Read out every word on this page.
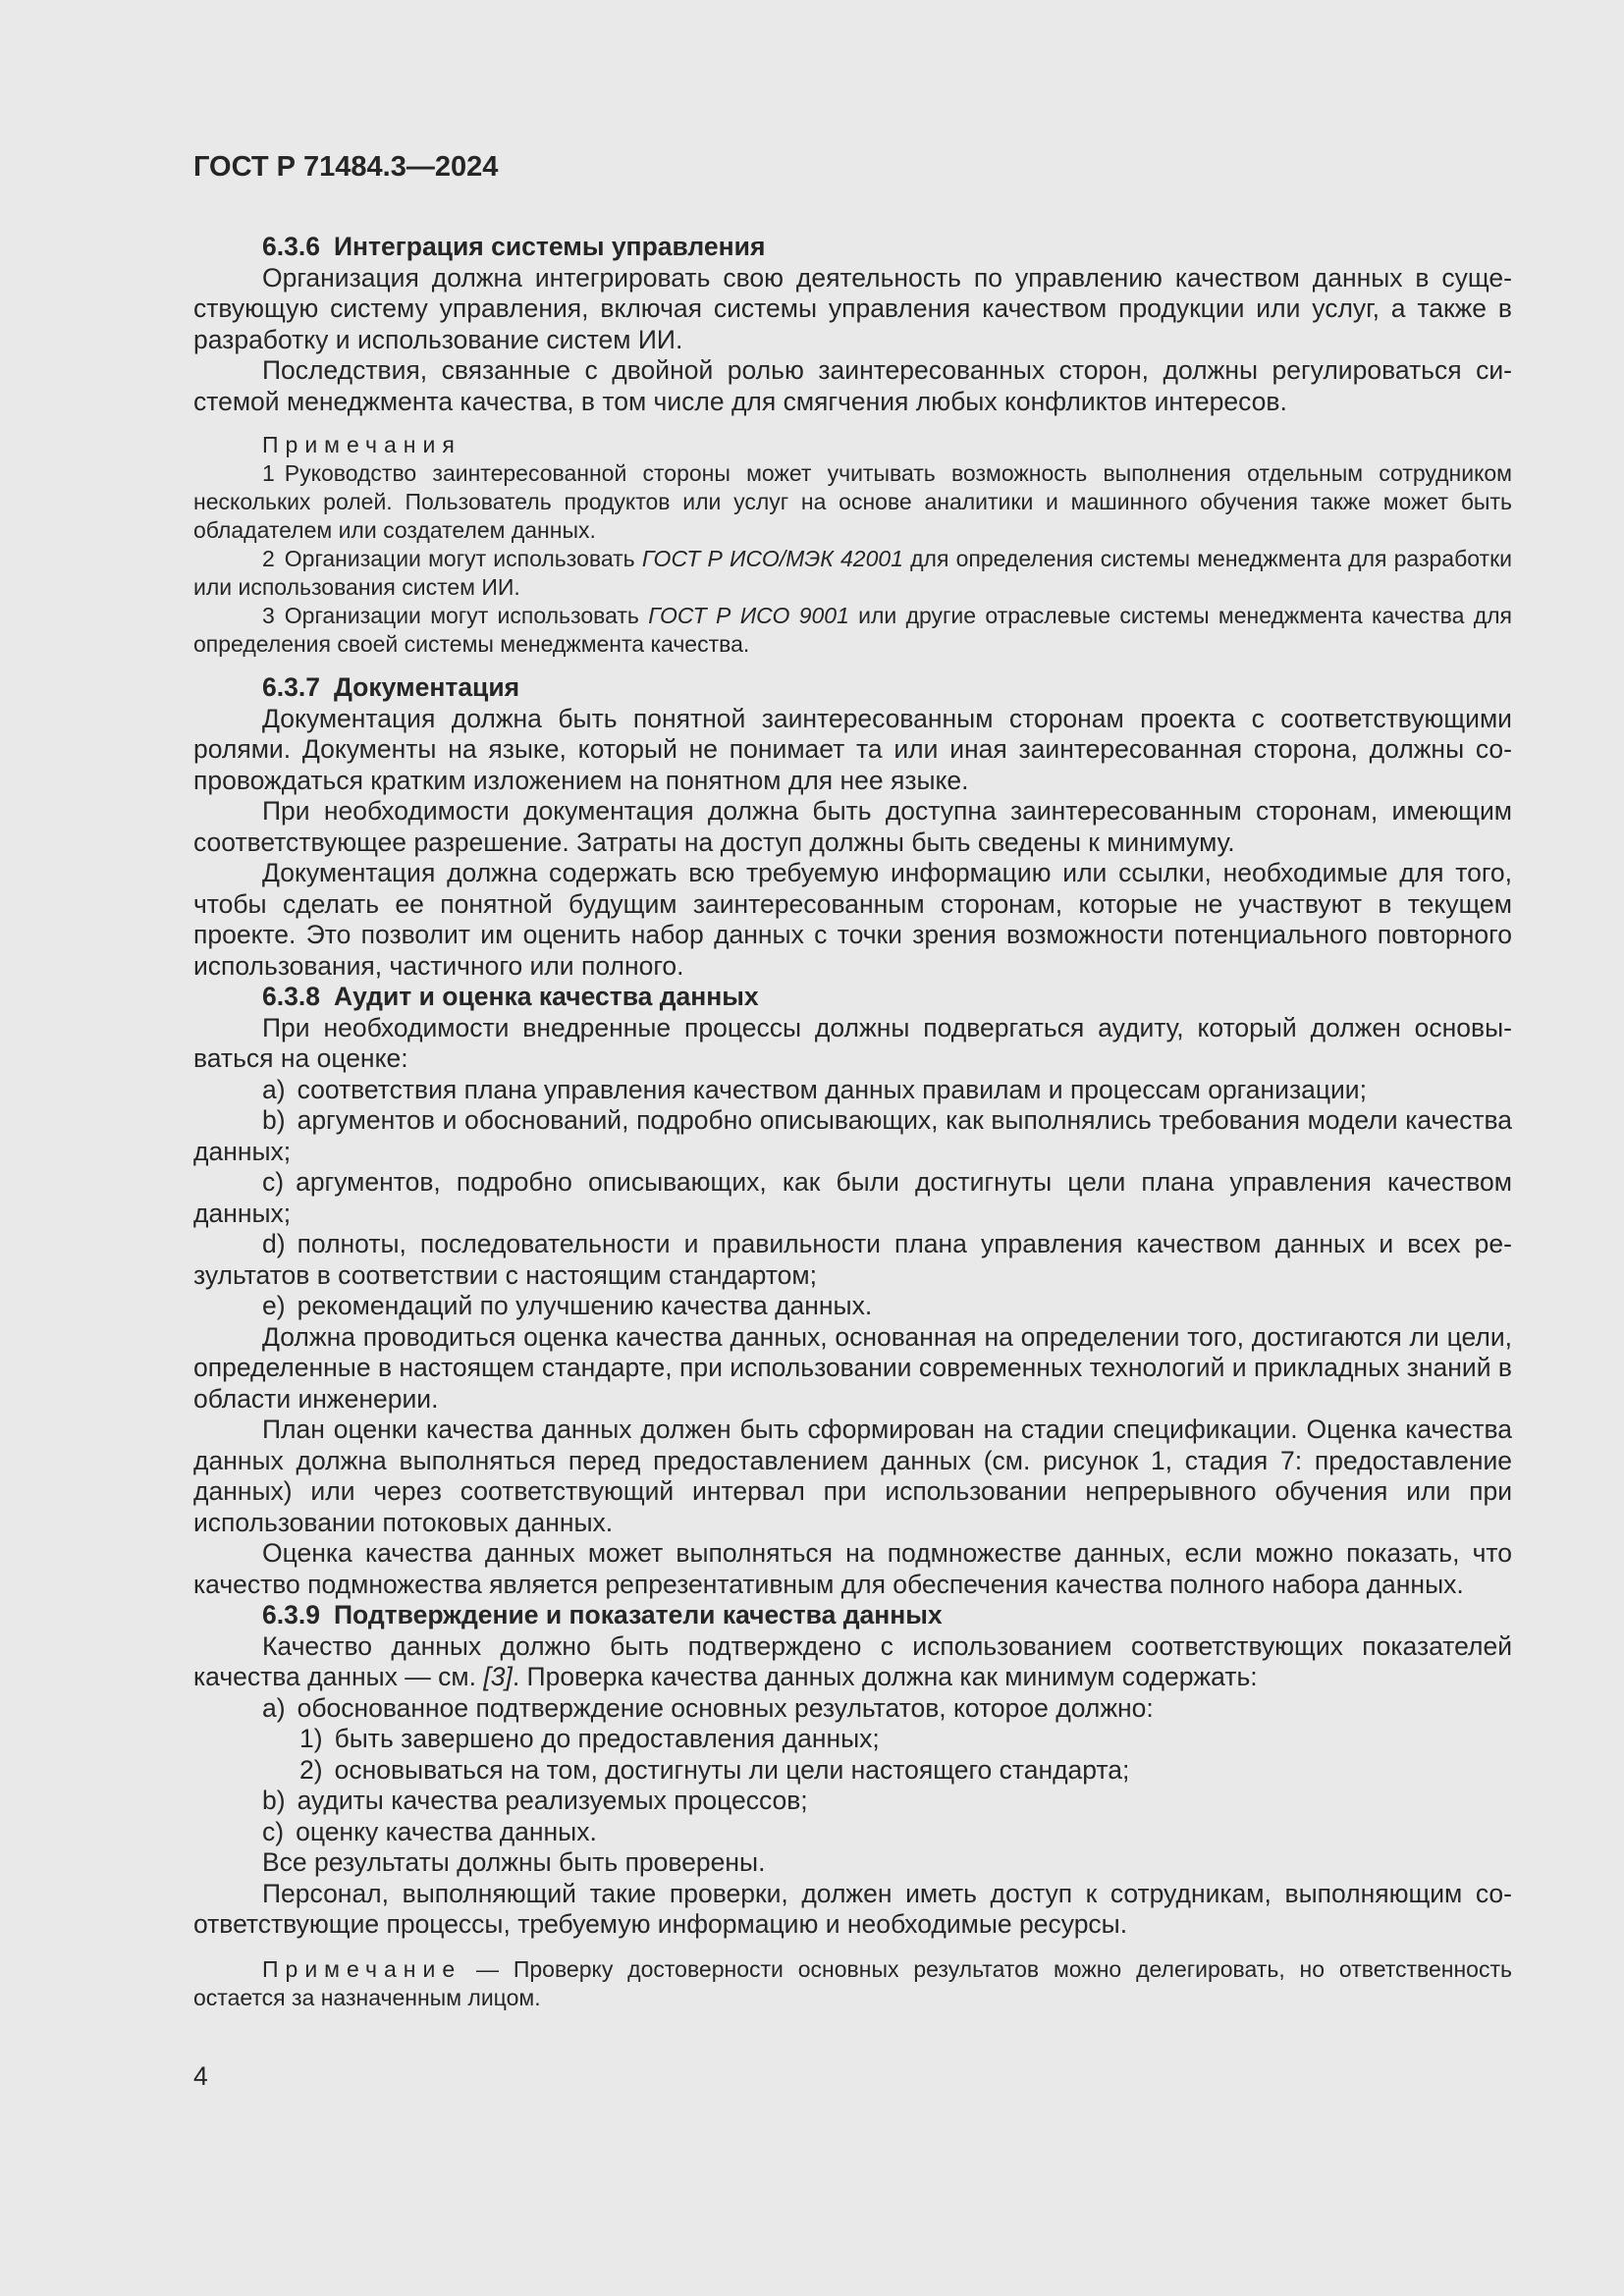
ГОСТ Р 71484.3—2024
6.3.6 Интеграция системы управления

Организация должна интегрировать свою деятельность по управлению качеством данных в существующую систему управления, включая системы управления качеством продукции или услуг, а также в разработку и использование систем ИИ.

Последствия, связанные с двойной ролью заинтересованных сторон, должны регулироваться системой менеджмента качества, в том числе для смягчения любых конфликтов интересов.

Примечания

1 Руководство заинтересованной стороны может учитывать возможность выполнения отдельным сотрудником нескольких ролей. Пользователь продуктов или услуг на основе аналитики и машинного обучения также может быть обладателем или создателем данных.

2 Организации могут использовать ГОСТ Р ИСО/МЭК 42001 для определения системы менеджмента для разработки или использования систем ИИ.

3 Организации могут использовать ГОСТ Р ИСО 9001 или другие отраслевые системы менеджмента качества для определения своей системы менеджмента качества.

6.3.7 Документация

Документация должна быть понятной заинтересованным сторонам проекта с соответствующими ролями. Документы на языке, который не понимает та или иная заинтересованная сторона, должны сопровождаться кратким изложением на понятном для нее языке.

При необходимости документация должна быть доступна заинтересованным сторонам, имеющим соответствующее разрешение. Затраты на доступ должны быть сведены к минимуму.

Документация должна содержать всю требуемую информацию или ссылки, необходимые для того, чтобы сделать ее понятной будущим заинтересованным сторонам, которые не участвуют в текущем проекте. Это позволит им оценить набор данных с точки зрения возможности потенциального повторного использования, частичного или полного.

6.3.8 Аудит и оценка качества данных

При необходимости внедренные процессы должны подвергаться аудиту, который должен основываться на оценке:

a) соответствия плана управления качеством данных правилам и процессам организации;

b) аргументов и обоснований, подробно описывающих, как выполнялись требования модели качества данных;

c) аргументов, подробно описывающих, как были достигнуты цели плана управления качеством данных;

d) полноты, последовательности и правильности плана управления качеством данных и всех результатов в соответствии с настоящим стандартом;

e) рекомендаций по улучшению качества данных.

Должна проводиться оценка качества данных, основанная на определении того, достигаются ли цели, определенные в настоящем стандарте, при использовании современных технологий и прикладных знаний в области инженерии.

План оценки качества данных должен быть сформирован на стадии спецификации. Оценка качества данных должна выполняться перед предоставлением данных (см. рисунок 1, стадия 7: предоставление данных) или через соответствующий интервал при использовании непрерывного обучения или при использовании потоковых данных.

Оценка качества данных может выполняться на подмножестве данных, если можно показать, что качество подмножества является репрезентативным для обеспечения качества полного набора данных.

6.3.9 Подтверждение и показатели качества данных

Качество данных должно быть подтверждено с использованием соответствующих показателей качества данных — см. [3]. Проверка качества данных должна как минимум содержать:

a) обоснованное подтверждение основных результатов, которое должно:

1) быть завершено до предоставления данных;

2) основываться на том, достигнуты ли цели настоящего стандарта;

b) аудиты качества реализуемых процессов;

c) оценку качества данных.

Все результаты должны быть проверены.

Персонал, выполняющий такие проверки, должен иметь доступ к сотрудникам, выполняющим соответствующие процессы, требуемую информацию и необходимые ресурсы.

Примечание — Проверку достоверности основных результатов можно делегировать, но ответственность остается за назначенным лицом.

4
